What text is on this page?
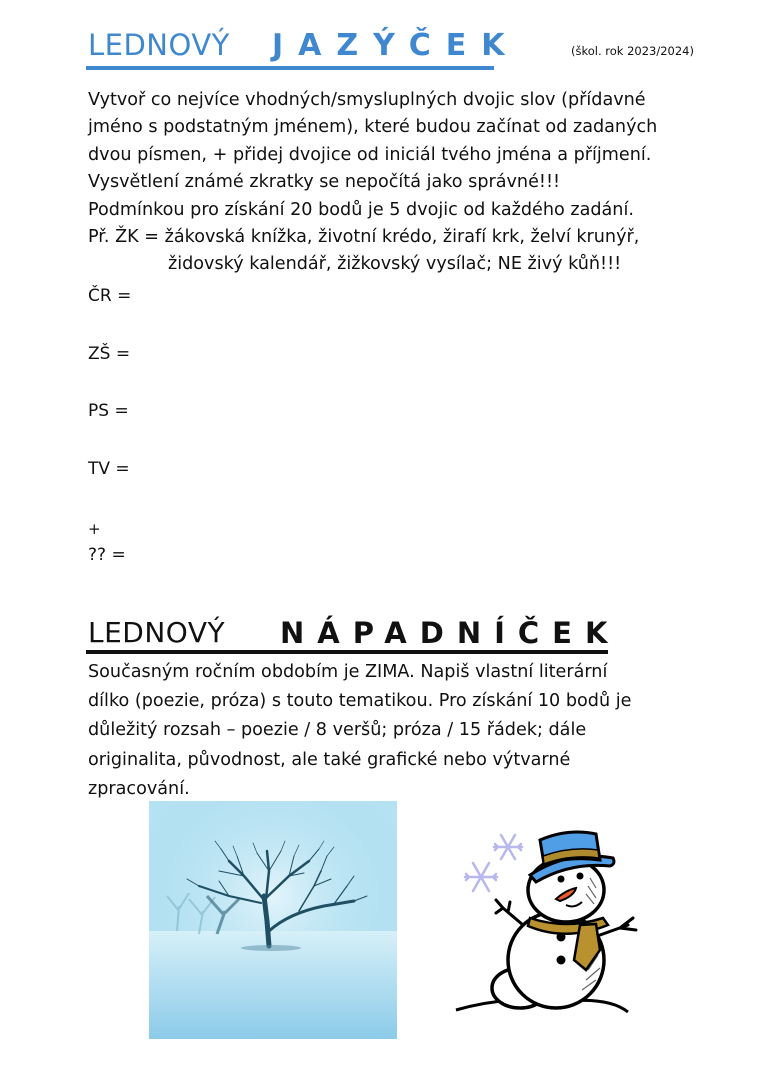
LEDNOVÝ JAZÝČEK	(škol. rok 2023/2024)
Vytvoř co nejvíce vhodných/smysluplných dvojic slov (přídavné
jméno s podstatným jménem), které budou začínat od zadaných
dvou písmen, + přidej dvojice od iniciál tvého jména a příjmení.
Vysvětlení známé zkratky se nepočítá jako správné!!!
Podmínkou pro získání 20 bodů je 5 dvojic od každého zadání.
Př. ŽK = žákovská knížka, životní krédo, žirafí krk, želví krunýř,
židovský kalendář, žižkovský vysílač; NE živý kůň!!!
ČR =
ZŠ =
PS =
TV =
+
?? =
LEDNOVÝ NÁPADNÍČEK
Současným ročním obdobím je ZIMA. Napiš vlastní literární
dílko (poezie, próza) s touto tematikou. Pro získání 10 bodů je
důležitý rozsah – poezie / 8 veršů; próza / 15 řádek; dále
originalita, původnost, ale také grafické nebo výtvarné
zpracování.
